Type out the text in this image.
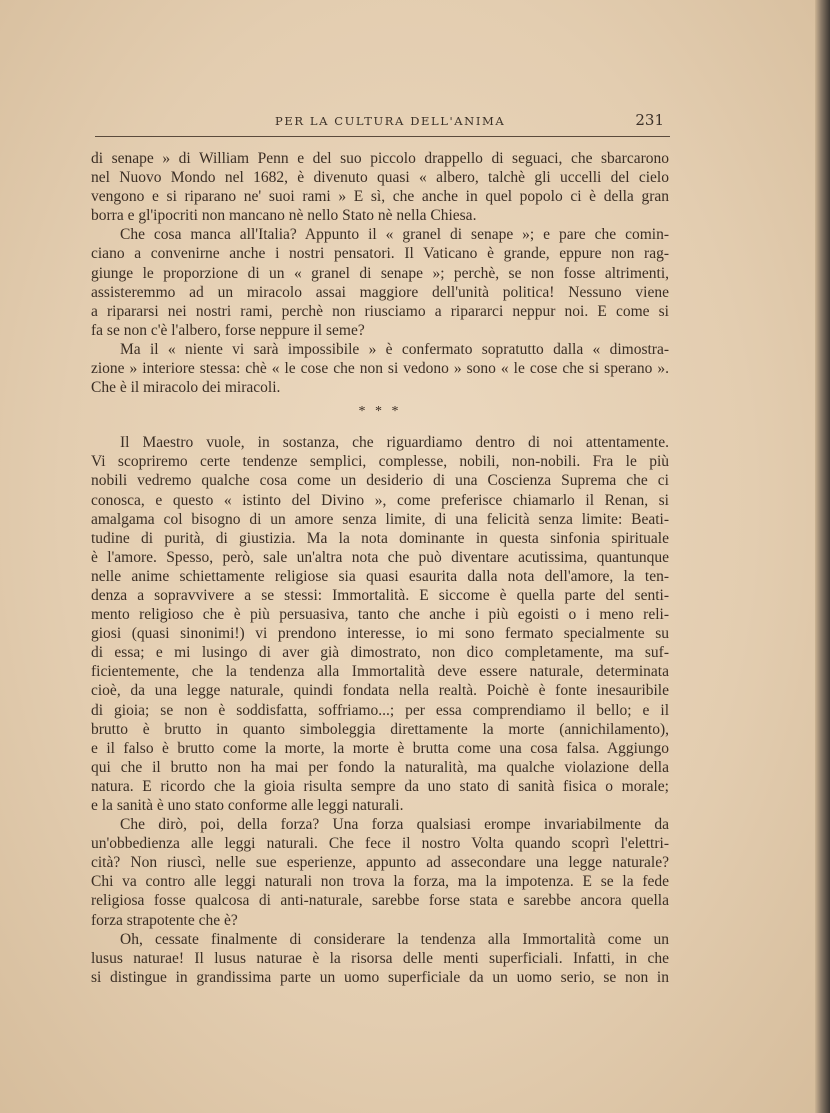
PER LA CULTURA DELL'ANIMA	231

di senape » di William Penn e del suo piccolo drappello di seguaci, che sbarcarono
nel Nuovo Mondo nel 1682, è divenuto quasi « albero, talchè gli uccelli del cielo
vengono e si riparano ne' suoi rami » E sì, che anche in quel popolo ci è della gran
borra e gl'ipocriti non mancano nè nello Stato nè nella Chiesa.

Che cosa manca all'Italia? Appunto il « granel di senape »; e pare che comin-
ciano a convenirne anche i nostri pensatori. Il Vaticano è grande, eppure non rag-
giunge le proporzione di un « granel di senape »; perchè, se non fosse altrimenti,
assisteremmo ad un miracolo assai maggiore dell'unità politica! Nessuno viene
a ripararsi nei nostri rami, perchè non riusciamo a ripararci neppur noi. E come si
fa se non c'è l'albero, forse neppure il seme?

Ma il « niente vi sarà impossibile » è confermato sopratutto dalla « dimostra-
zione » interiore stessa: chè « le cose che non si vedono » sono « le cose che si sperano ».
Che è il miracolo dei miracoli.

* * *

Il Maestro vuole, in sostanza, che riguardiamo dentro di noi attentamente.
Vi scopriremo certe tendenze semplici, complesse, nobili, non-nobili. Fra le più
nobili vedremo qualche cosa come un desiderio di una Coscienza Suprema che ci
conosca, e questo « istinto del Divino », come preferisce chiamarlo il Renan, si
amalgama col bisogno di un amore senza limite, di una felicità senza limite: Beati-
tudine di purità, di giustizia. Ma la nota dominante in questa sinfonia spirituale
è l'amore. Spesso, però, sale un'altra nota che può diventare acutissima, quantunque
nelle anime schiettamente religiose sia quasi esaurita dalla nota dell'amore, la ten-
denza a sopravvivere a se stessi: Immortalità. E siccome è quella parte del senti-
mento religioso che è più persuasiva, tanto che anche i più egoisti o i meno reli-
giosi (quasi sinonimi!) vi prendono interesse, io mi sono fermato specialmente su
di essa; e mi lusingo di aver già dimostrato, non dico completamente, ma suf-
ficientemente, che la tendenza alla Immortalità deve essere naturale, determinata
cioè, da una legge naturale, quindi fondata nella realtà. Poichè è fonte inesauribile
di gioia; se non è soddisfatta, soffriamo...; per essa comprendiamo il bello; e il
brutto è brutto in quanto simboleggia direttamente la morte (annichilamento),
e il falso è brutto come la morte, la morte è brutta come una cosa falsa. Aggiungo
qui che il brutto non ha mai per fondo la naturalità, ma qualche violazione della
natura. E ricordo che la gioia risulta sempre da uno stato di sanità fisica o morale;
e la sanità è uno stato conforme alle leggi naturali.

Che dirò, poi, della forza? Una forza qualsiasi erompe invariabilmente da
un'obbedienza alle leggi naturali. Che fece il nostro Volta quando scoprì l'elettri-
cità? Non riuscì, nelle sue esperienze, appunto ad assecondare una legge naturale?
Chi va contro alle leggi naturali non trova la forza, ma la impotenza. E se la fede
religiosa fosse qualcosa di anti-naturale, sarebbe forse stata e sarebbe ancora quella
forza strapotente che è?

Oh, cessate finalmente di considerare la tendenza alla Immortalità come un
lusus naturae! Il lusus naturae è la risorsa delle menti superficiali. Infatti, in che
si distingue in grandissima parte un uomo superficiale da un uomo serio, se non in
